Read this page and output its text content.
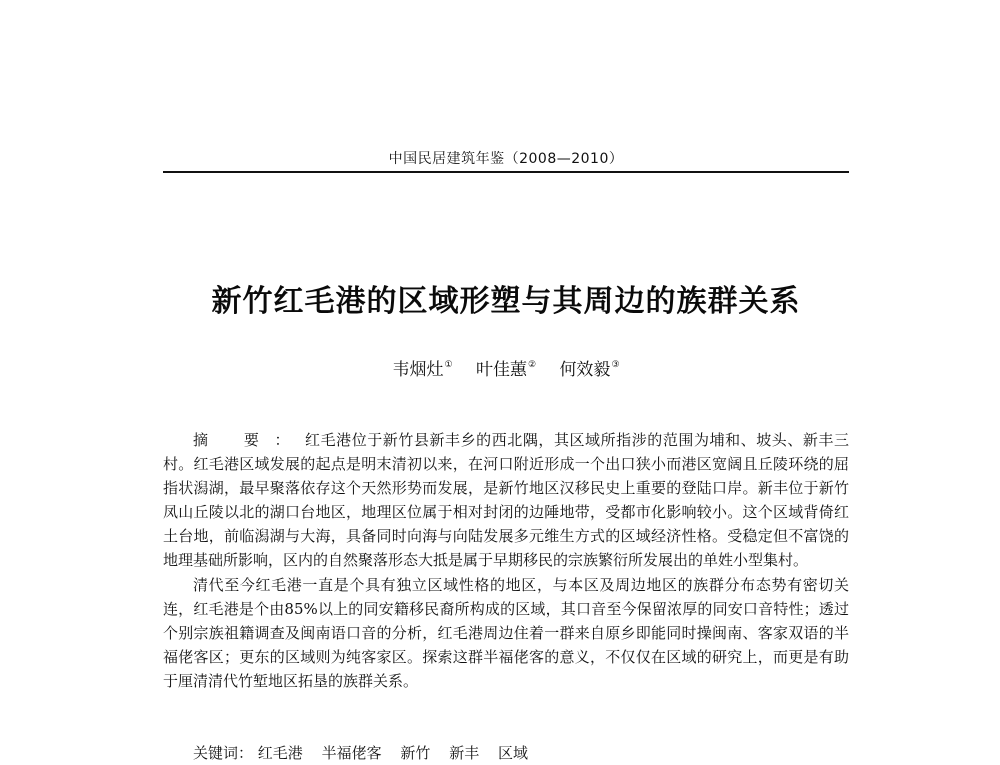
中国民居建筑年鉴（2008—2010）
新竹红毛港的区域形塑与其周边的族群关系
韦烟灶① 叶佳蕙② 何效毅③

摘 要：红毛港位于新竹县新丰乡的西北隅，其区域所指涉的范围为埔和、坡头、新丰三村。红毛港区域发展的起点是明末清初以来，在河口附近形成一个出口狭小而港区宽阔且丘陵环绕的屈指状潟湖，最早聚落依存这个天然形势而发展，是新竹地区汉移民史上重要的登陆口岸。新丰位于新竹凤山丘陵以北的湖口台地区，地理区位属于相对封闭的边陲地带，受都市化影响较小。这个区域背倚红土台地，前临潟湖与大海，具备同时向海与向陆发展多元维生方式的区域经济性格。受稳定但不富饶的地理基础所影响，区内的自然聚落形态大抵是属于早期移民的宗族繁衍所发展出的单姓小型集村。

清代至今红毛港一直是个具有独立区域性格的地区，与本区及周边地区的族群分布态势有密切关连，红毛港是个由85%以上的同安籍移民裔所构成的区域，其口音至今保留浓厚的同安口音特性；透过个别宗族祖籍调查及闽南语口音的分析，红毛港周边住着一群来自原乡即能同时操闽南、客家双语的半福佬客区；更东的区域则为纯客家区。探索这群半福佬客的意义，不仅仅在区域的研究上，而更是有助于厘清清代竹堑地区拓垦的族群关系。

关键词： 红毛港 半福佬客 新竹 新丰 区域
